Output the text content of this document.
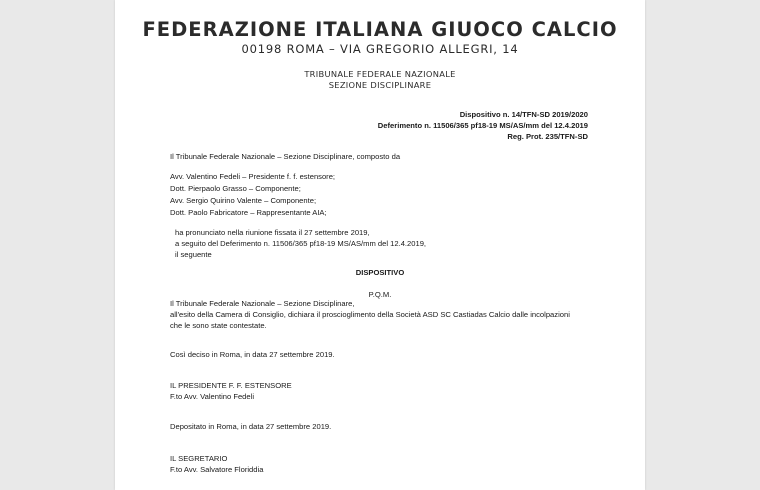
FEDERAZIONE ITALIANA GIUOCO CALCIO
00198 ROMA – VIA GREGORIO ALLEGRI, 14
TRIBUNALE FEDERALE NAZIONALE
SEZIONE DISCIPLINARE
Dispositivo n. 14/TFN-SD 2019/2020
Deferimento n. 11506/365 pf18-19 MS/AS/mm del 12.4.2019
Reg. Prot. 235/TFN-SD
Il Tribunale Federale Nazionale – Sezione Disciplinare, composto da
Avv. Valentino Fedeli – Presidente f. f. estensore;
Dott. Pierpaolo Grasso – Componente;
Avv. Sergio Quirino Valente – Componente;
Dott. Paolo Fabricatore – Rappresentante AIA;
ha pronunciato nella riunione fissata il 27 settembre 2019,
a seguito del Deferimento n. 11506/365 pf18-19 MS/AS/mm del 12.4.2019,
il seguente
DISPOSITIVO
P.Q.M.
Il Tribunale Federale Nazionale – Sezione Disciplinare,
all'esito della Camera di Consiglio, dichiara il proscioglimento della Società ASD SC Castiadas Calcio dalle incolpazioni
che le sono state contestate.
Così deciso in Roma, in data 27 settembre 2019.
IL PRESIDENTE F. F. ESTENSORE
F.to Avv. Valentino Fedeli
Depositato in Roma, in data 27 settembre 2019.
IL SEGRETARIO
F.to Avv. Salvatore Floriddia
